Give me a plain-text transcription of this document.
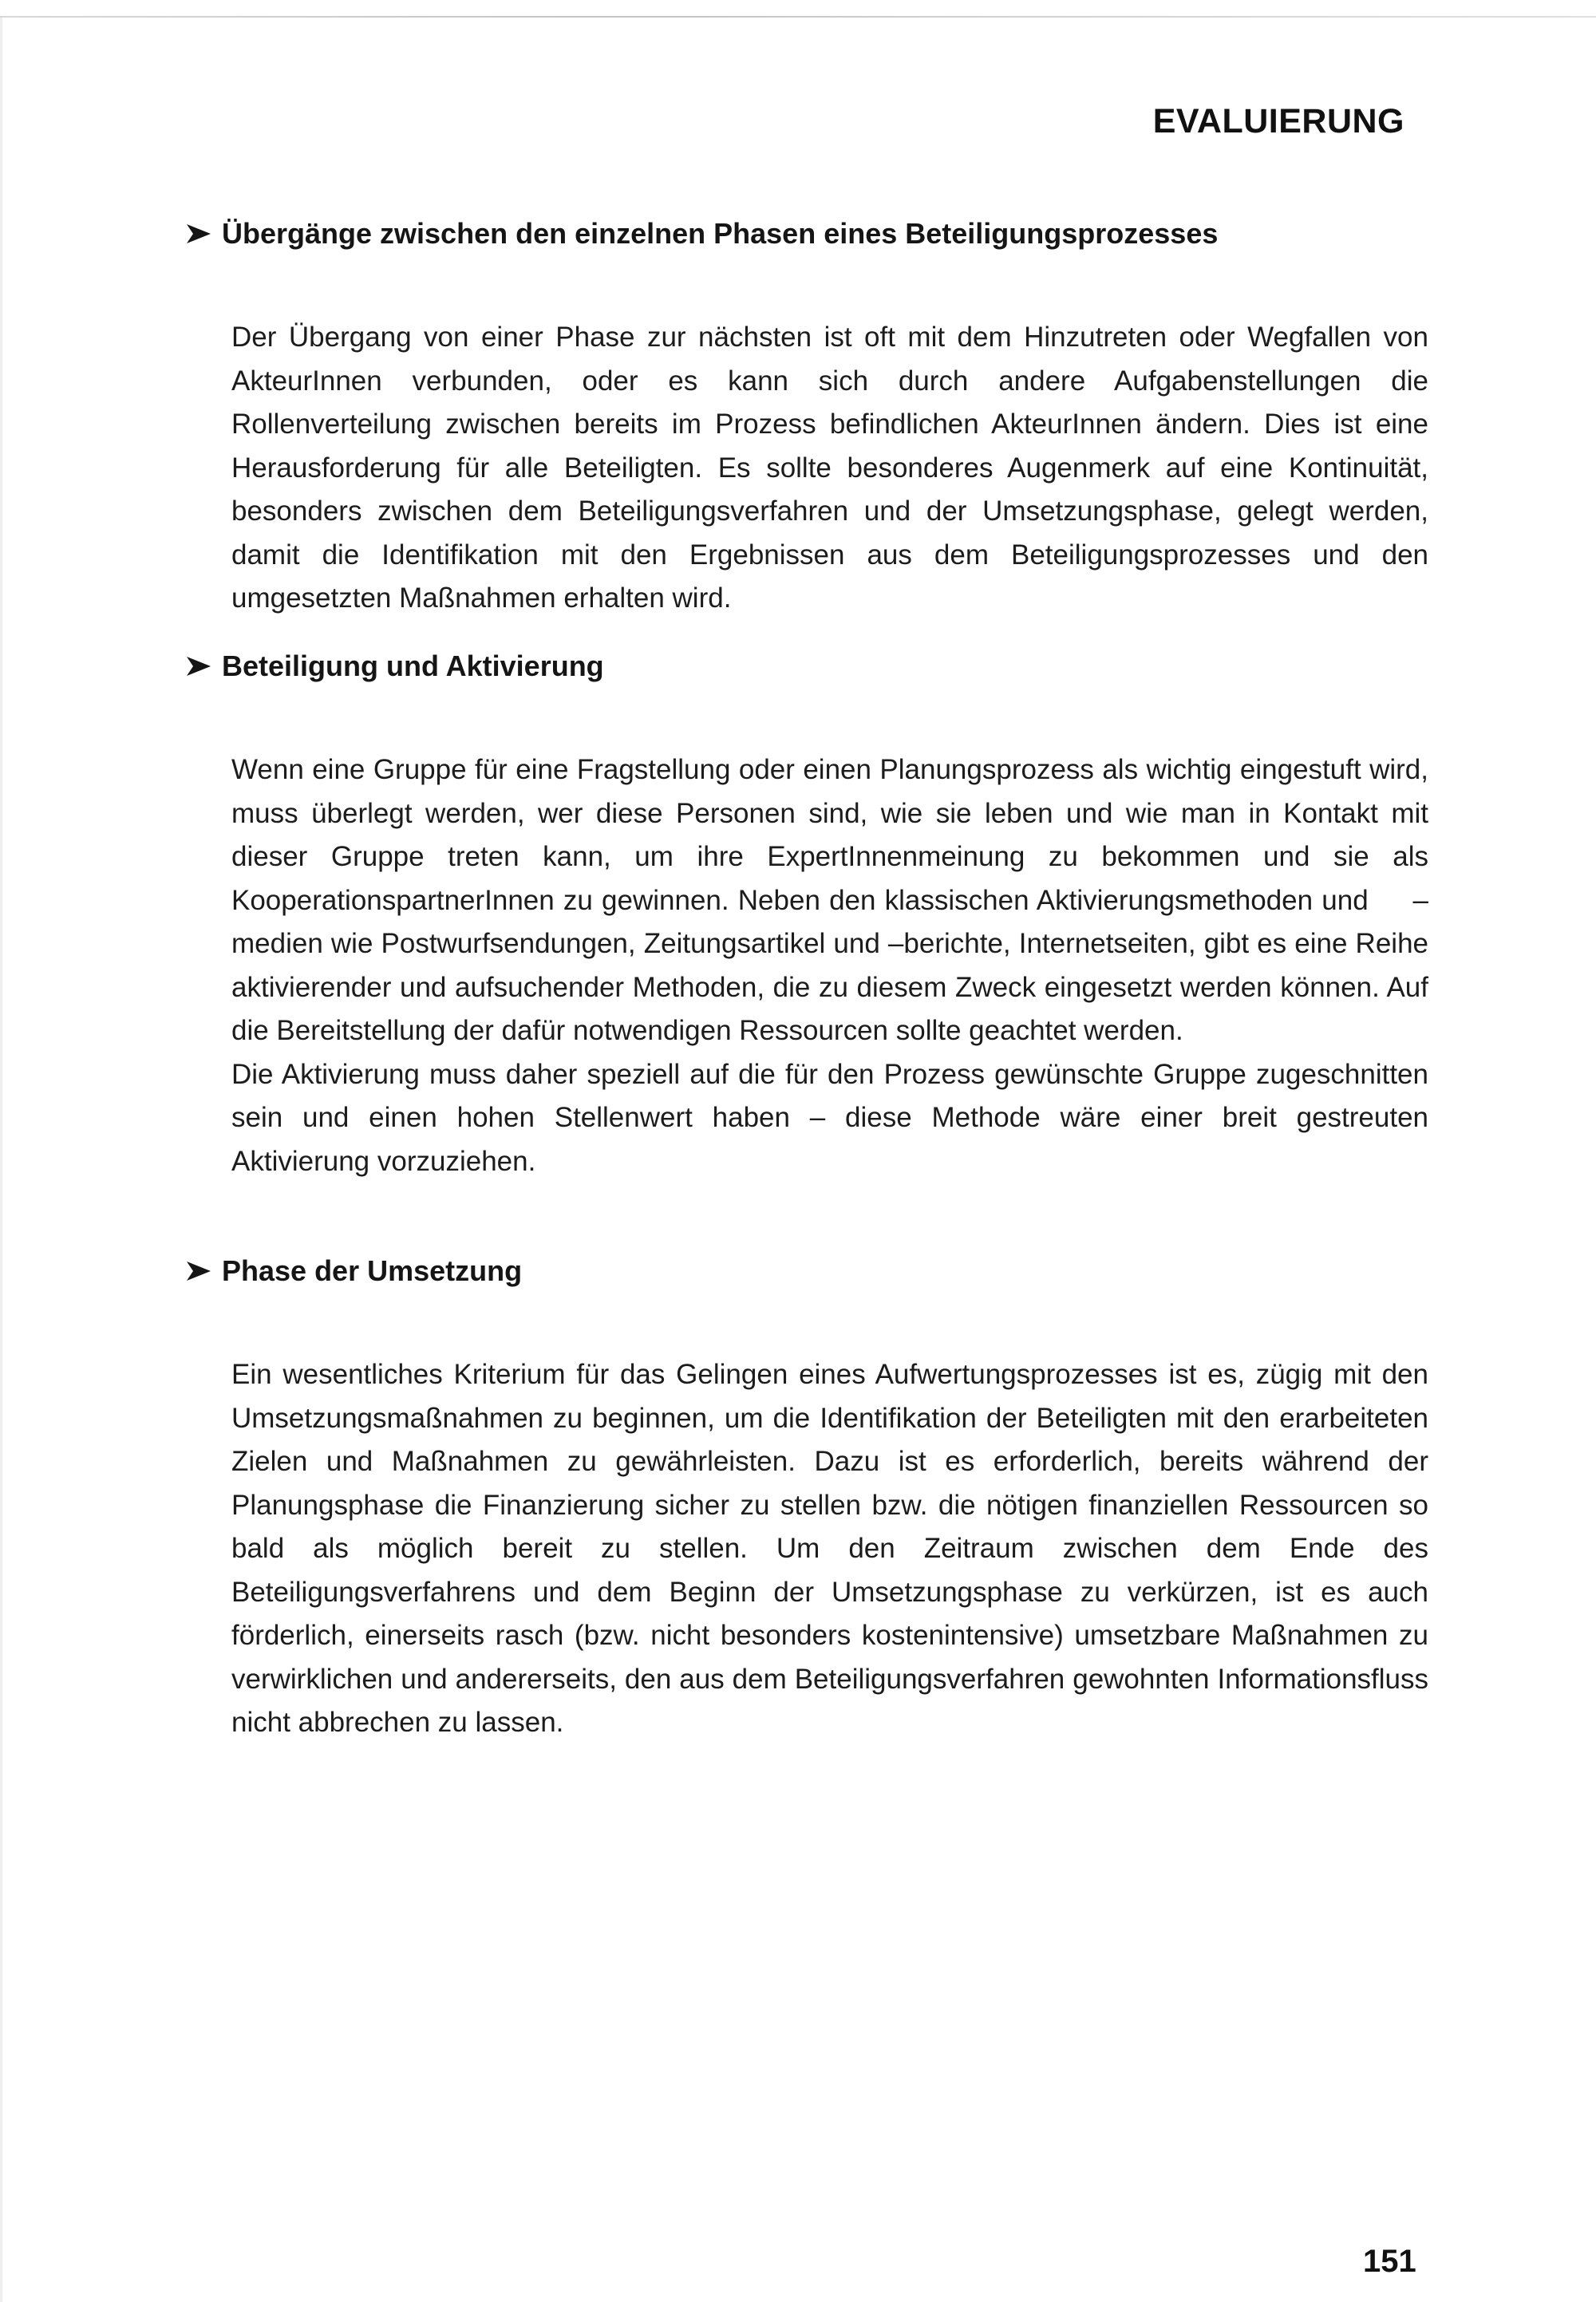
EVALUIERUNG
Übergänge zwischen den einzelnen Phasen eines Beteiligungsprozesses

Der Übergang von einer Phase zur nächsten ist oft mit dem Hinzutreten oder Wegfallen von AkteurInnen verbunden, oder es kann sich durch andere Aufgabenstellungen die Rollenverteilung zwischen bereits im Prozess befindlichen AkteurInnen ändern. Dies ist eine Herausforderung für alle Beteiligten. Es sollte besonderes Augenmerk auf eine Kontinuität, besonders zwischen dem Beteiligungsverfahren und der Umsetzungsphase, gelegt werden, damit die Identifikation mit den Ergebnissen aus dem Beteiligungsprozesses und den umgesetzten Maßnahmen erhalten wird.

Beteiligung und Aktivierung

Wenn eine Gruppe für eine Fragstellung oder einen Planungsprozess als wichtig eingestuft wird, muss überlegt werden, wer diese Personen sind, wie sie leben und wie man in Kontakt mit dieser Gruppe treten kann, um ihre ExpertInnenmeinung zu bekommen und sie als KooperationspartnerInnen zu gewinnen. Neben den klassischen Aktivierungsmethoden und     –medien wie Postwurfsendungen, Zeitungsartikel und –berichte, Internetseiten, gibt es eine Reihe aktivierender und aufsuchender Methoden, die zu diesem Zweck eingesetzt werden können. Auf die Bereitstellung der dafür notwendigen Ressourcen sollte geachtet werden.

Die Aktivierung muss daher speziell auf die für den Prozess gewünschte Gruppe zugeschnitten sein und einen hohen Stellenwert haben – diese Methode wäre einer breit gestreuten Aktivierung vorzuziehen.

Phase der Umsetzung

Ein wesentliches Kriterium für das Gelingen eines Aufwertungsprozesses ist es, zügig mit den Umsetzungsmaßnahmen zu beginnen, um die Identifikation der Beteiligten mit den erarbeiteten Zielen und Maßnahmen zu gewährleisten. Dazu ist es erforderlich, bereits während der Planungsphase die Finanzierung sicher zu stellen bzw. die nötigen finanziellen Ressourcen so bald als möglich bereit zu stellen. Um den Zeitraum zwischen dem Ende des Beteiligungsverfahrens und dem Beginn der Umsetzungsphase zu verkürzen, ist es auch förderlich, einerseits rasch (bzw. nicht besonders kostenintensive) umsetzbare Maßnahmen zu verwirklichen und andererseits, den aus dem Beteiligungsverfahren gewohnten Informationsfluss nicht abbrechen zu lassen.

151
